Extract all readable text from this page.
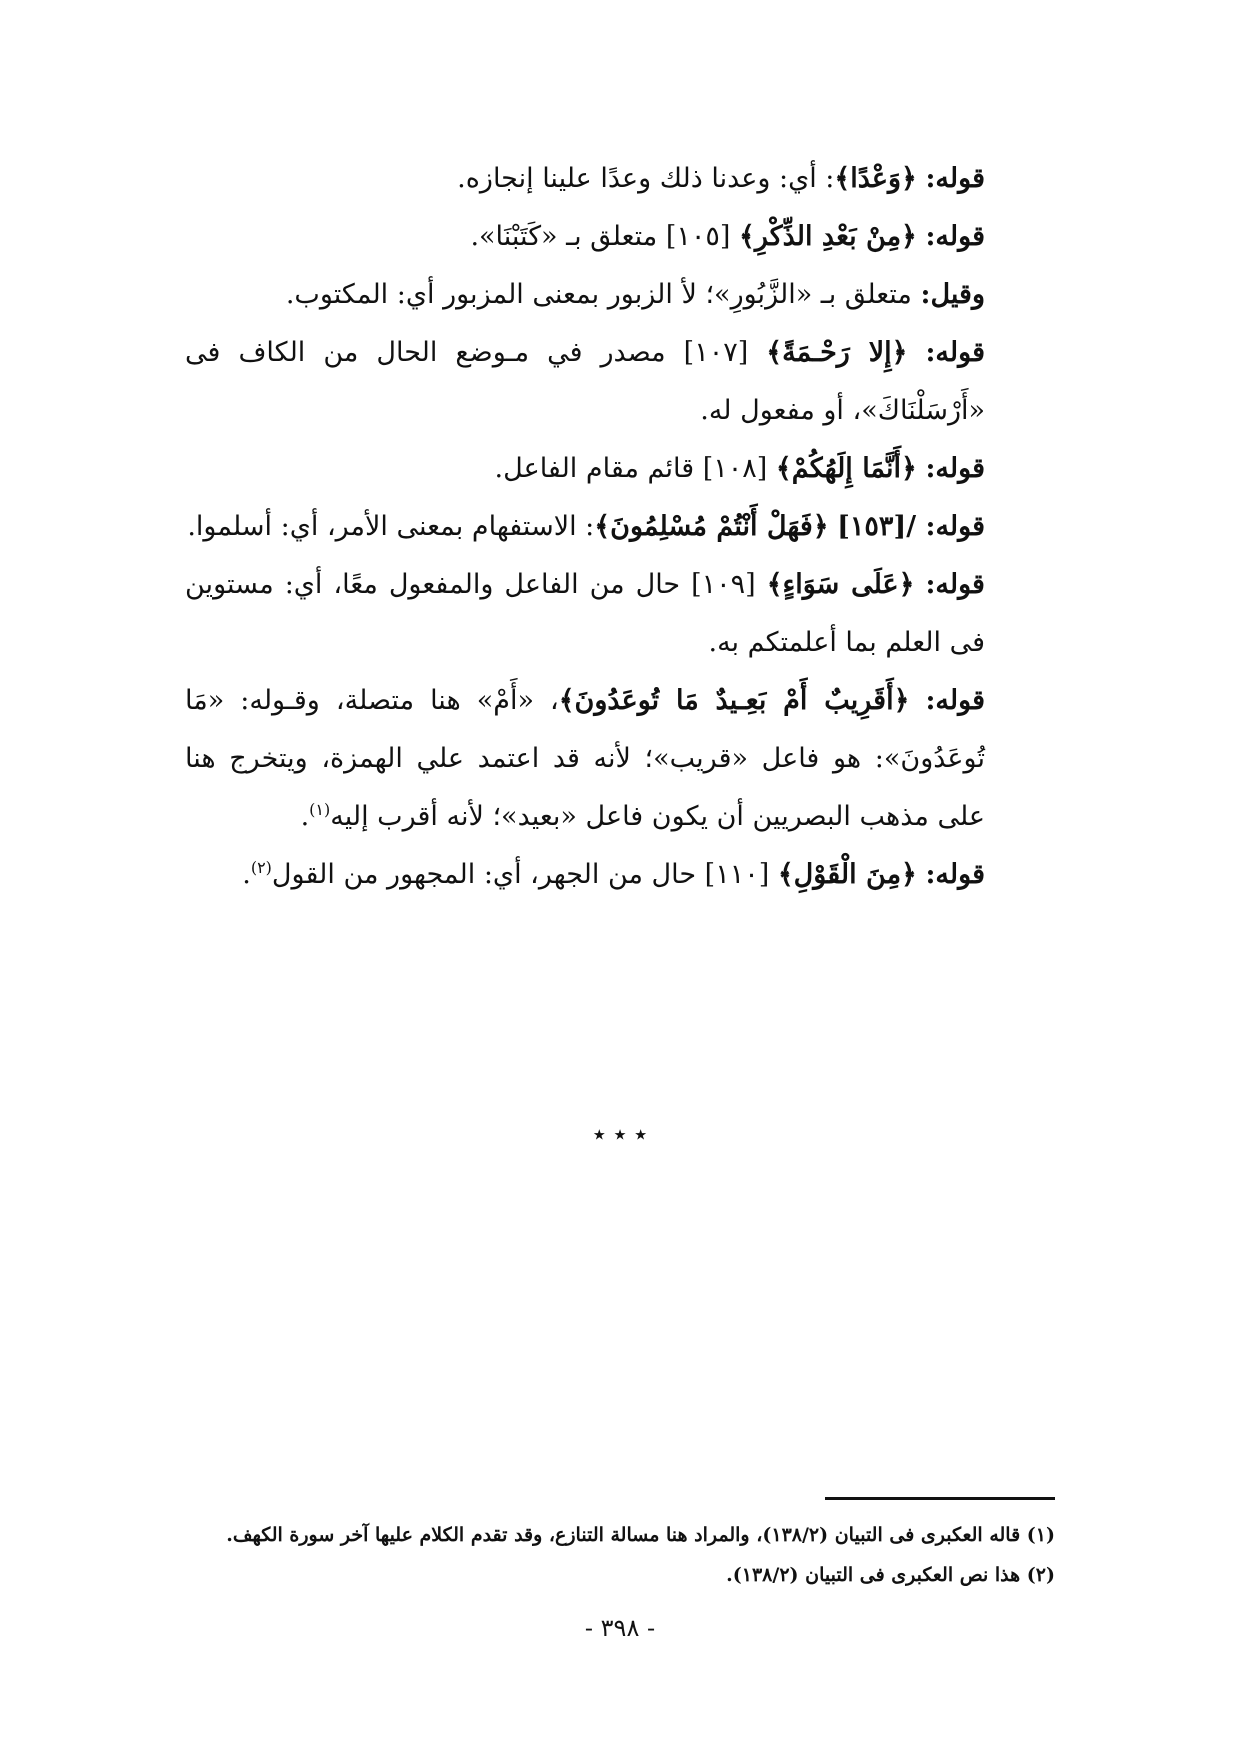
قوله: ﴿وَعْدًا﴾: أي: وعدنا ذلك وعدًا علينا إنجازه.

قوله: ﴿مِنْ بَعْدِ الذِّكْرِ﴾ [١٠٥] متعلق بـ «كَتَبْنَا».

وقيل: متعلق بـ «الزَّبُورِ»؛ لأ الزبور بمعنى المزبور أي: المكتوب.

قوله: ﴿إِلا رَحْـمَةً﴾ [١٠٧] مصدر في مـوضع الحال من الكاف فى «أَرْسَلْنَاكَ»، أو مفعول له.

قوله: ﴿أَنَّمَا إِلَهُكُمْ﴾ [١٠٨] قائم مقام الفاعل.

قوله: /[١٥٣] ﴿فَهَلْ أَنْتُمْ مُسْلِمُونَ﴾: الاستفهام بمعنى الأمر، أي: أسلموا.

قوله: ﴿عَلَى سَوَاءٍ﴾ [١٠٩] حال من الفاعل والمفعول معًا، أي: مستوين فى العلم بما أعلمتكم به.

قوله: ﴿أَقَرِيبٌ أَمْ بَعِـيدٌ مَا تُوعَدُونَ﴾، «أَمْ» هنا متصلة، وقـوله: «مَا تُوعَدُونَ»: هو فاعل «قريب»؛ لأنه قد اعتمد علي الهمزة، ويتخرج هنا على مذهب البصريين أن يكون فاعل «بعيد»؛ لأنه أقرب إليه$^{(١)}$.

قوله: ﴿مِنَ الْقَوْلِ﴾ [١١٠] حال من الجهر، أي: المجهور من القول$^{(٢)}$.

٭ ٭ ٭

(١) قاله العكبرى فى التبيان (١٣٨/٢)، والمراد هنا مسالة التنازع، وقد تقدم الكلام عليها آخر سورة الكهف.

(٢) هذا نص العكبرى فى التبيان (١٣٨/٢).

- ٣٩٨ -
